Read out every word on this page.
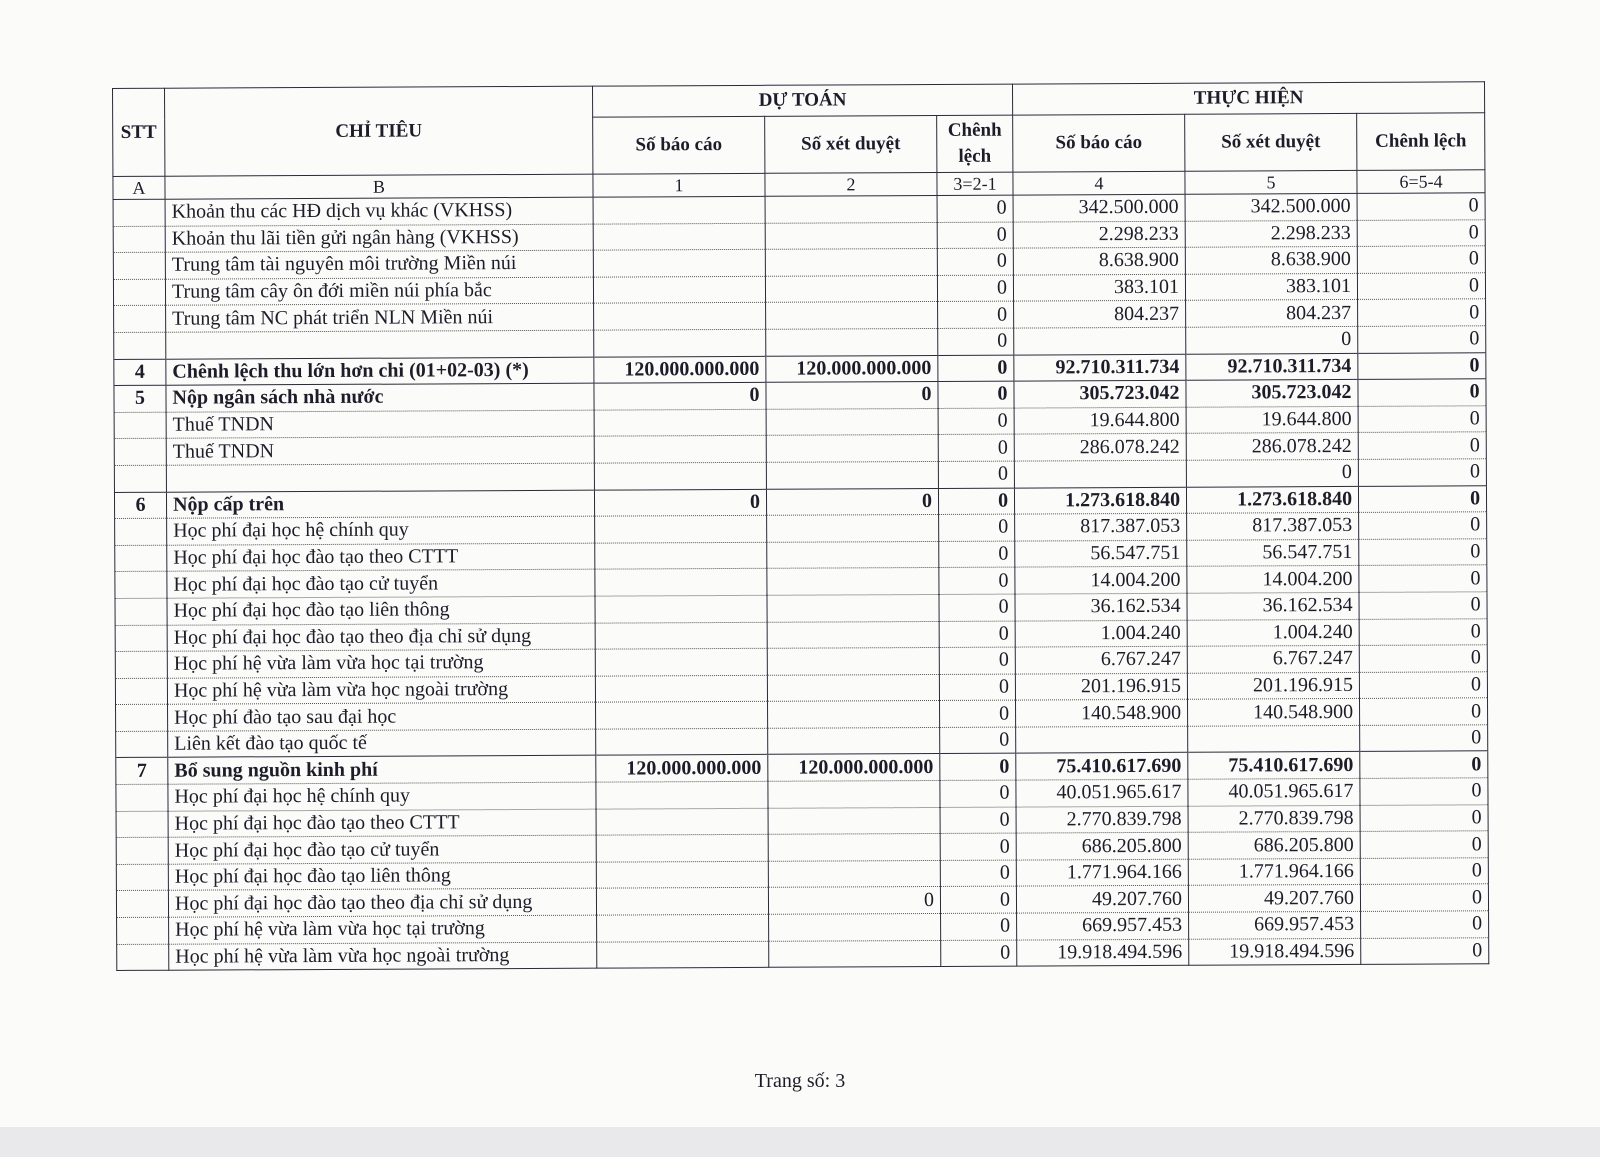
STT	CHỈ TIÊU	DỰ TOÁN			THỰC HIỆN		
		Số báo cáo	Số xét duyệt	Chênh lệch	Số báo cáo	Số xét duyệt	Chênh lệch
A	B	1	2	3=2-1	4	5	6=5-4
	Khoản thu các HĐ dịch vụ khác (VKHSS)			0	342.500.000	342.500.000	0
	Khoản thu lãi tiền gửi ngân hàng (VKHSS)			0	2.298.233	2.298.233	0
	Trung tâm tài nguyên môi trường Miền núi			0	8.638.900	8.638.900	0
	Trung tâm cây ôn đới miền núi phía bắc			0	383.101	383.101	0
	Trung tâm NC phát triển NLN Miền núi			0	804.237	804.237	0
				0		0	0
4	Chênh lệch thu lớn hơn chi (01+02-03) (*)	120.000.000.000	120.000.000.000	0	92.710.311.734	92.710.311.734	0
5	Nộp ngân sách nhà nước	0	0	0	305.723.042	305.723.042	0
	Thuế TNDN			0	19.644.800	19.644.800	0
	Thuế TNDN			0	286.078.242	286.078.242	0
				0		0	0
6	Nộp cấp trên	0	0	0	1.273.618.840	1.273.618.840	0
	Học phí đại học hệ chính quy			0	817.387.053	817.387.053	0
	Học phí đại học đào tạo theo CTTT			0	56.547.751	56.547.751	0
	Học phí đại học đào tạo cử tuyển			0	14.004.200	14.004.200	0
	Học phí đại học đào tạo liên thông			0	36.162.534	36.162.534	0
	Học phí đại học đào tạo theo địa chỉ sử dụng			0	1.004.240	1.004.240	0
	Học phí hệ vừa làm vừa học tại trường			0	6.767.247	6.767.247	0
	Học phí hệ vừa làm vừa học ngoài trường			0	201.196.915	201.196.915	0
	Học phí đào tạo sau đại học			0	140.548.900	140.548.900	0
	Liên kết đào tạo quốc tế			0			0
7	Bổ sung nguồn kinh phí	120.000.000.000	120.000.000.000	0	75.410.617.690	75.410.617.690	0
	Học phí đại học hệ chính quy			0	40.051.965.617	40.051.965.617	0
	Học phí đại học đào tạo theo CTTT			0	2.770.839.798	2.770.839.798	0
	Học phí đại học đào tạo cử tuyển			0	686.205.800	686.205.800	0
	Học phí đại học đào tạo liên thông			0	1.771.964.166	1.771.964.166	0
	Học phí đại học đào tạo theo địa chỉ sử dụng		0	0	49.207.760	49.207.760	0
	Học phí hệ vừa làm vừa học tại trường			0	669.957.453	669.957.453	0
	Học phí hệ vừa làm vừa học ngoài trường			0	19.918.494.596	19.918.494.596	0
Trang số: 3
